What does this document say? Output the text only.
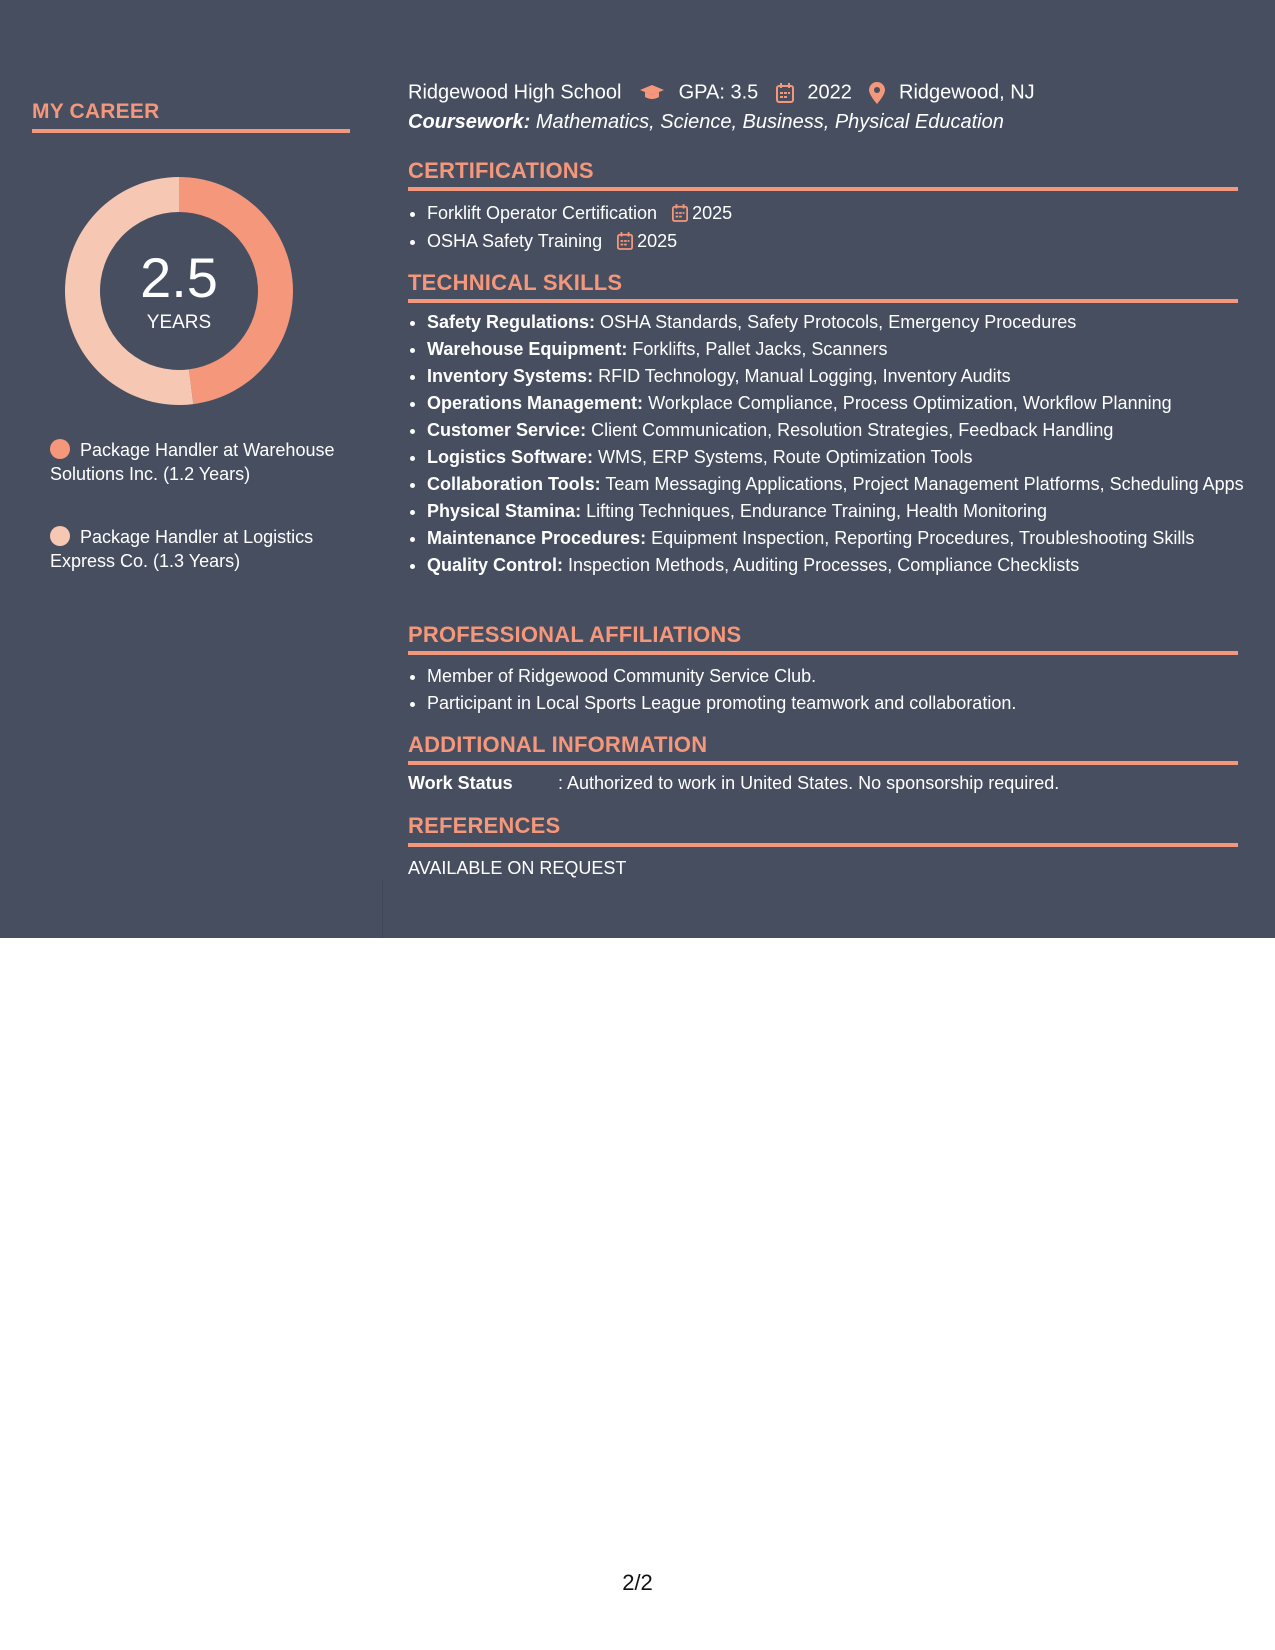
MY CAREER
2.5
YEARS
Package Handler at Warehouse Solutions Inc. (1.2 Years)
Package Handler at Logistics Express Co. (1.3 Years)
Ridgewood High School	GPA: 3.5 2022 Ridgewood, NJ
Coursework: Mathematics, Science, Business, Physical Education
CERTIFICATIONS
• Forklift Operator Certification 2025
• OSHA Safety Training 2025
TECHNICAL SKILLS
• Safety Regulations: OSHA Standards, Safety Protocols, Emergency Procedures
• Warehouse Equipment: Forklifts, Pallet Jacks, Scanners
• Inventory Systems: RFID Technology, Manual Logging, Inventory Audits
• Operations Management: Workplace Compliance, Process Optimization, Workflow Planning
• Customer Service: Client Communication, Resolution Strategies, Feedback Handling
• Logistics Software: WMS, ERP Systems, Route Optimization Tools
• Collaboration Tools: Team Messaging Applications, Project Management Platforms, Scheduling Apps
• Physical Stamina: Lifting Techniques, Endurance Training, Health Monitoring
• Maintenance Procedures: Equipment Inspection, Reporting Procedures, Troubleshooting Skills
• Quality Control: Inspection Methods, Auditing Processes, Compliance Checklists
PROFESSIONAL AFFILIATIONS
• Member of Ridgewood Community Service Club.
• Participant in Local Sports League promoting teamwork and collaboration.
ADDITIONAL INFORMATION
Work Status	: Authorized to work in United States. No sponsorship required.
REFERENCES
AVAILABLE ON REQUEST
2/2
